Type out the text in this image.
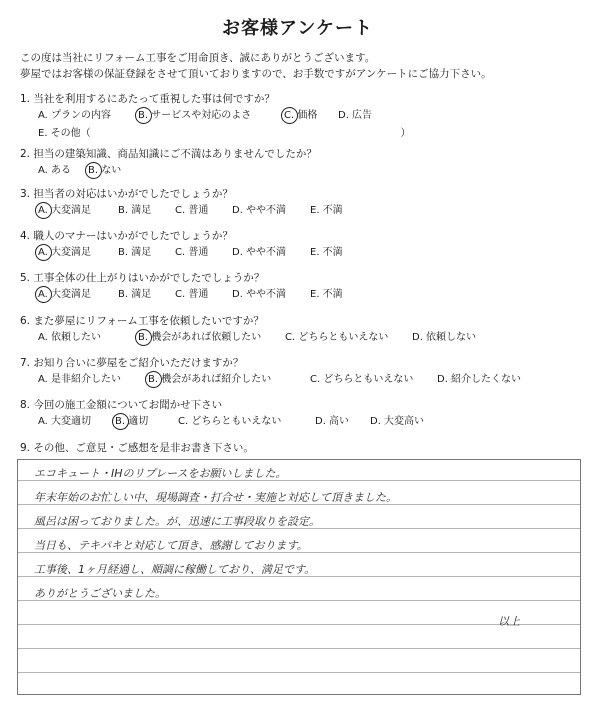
お客様アンケート
この度は当社にリフォーム工事をご用命頂き、誠にありがとうございます。
夢屋ではお客様の保証登録をさせて頂いておりますので、お手数ですがアンケートにご協力下さい。
1. 当社を利用するにあたって重視した事は何ですか？
A. プランの内容	B. サービスや対応のよさ	C. 価格 D. 広告
E. その他（　　　　　　　　　　　　　　　　　　　　　　　　　　　　　　　）
2. 担当の建築知識、商品知識にご不満はありませんでしたか？
A. ある B. ない
3. 担当者の対応はいかがでしたでしょうか？
A. 大変満足	B. 満足 C. 普通 D. やや不満 E. 不満
4. 職人のマナーはいかがでしたでしょうか？
A. 大変満足	B. 満足 C. 普通 D. やや不満 E. 不満
5. 工事全体の仕上がりはいかがでしたでしょうか？
A. 大変満足	B. 満足 C. 普通 D. やや不満 E. 不満
6. また夢屋にリフォーム工事を依頼したいですか？
A. 依頼したい	B. 機会があれば依頼したい C. どちらともいえない D. 依頼しない
7. お知り合いに夢屋をご紹介いただけますか？
A. 是非紹介したい	B. 機会があれば紹介したい	C. どちらともいえない D. 紹介したくない
8. 今回の施工金額についてお聞かせ下さい
A. 大変適切 B. 適切	C. どちらともいえない	D. 高い D. 大変高い
9. その他、ご意見・ご感想を是非お書き下さい。
エコキュート・IHのリプレースをお願いしました。
年末年始のお忙しい中、現場調査・打合せ・実施と対応して頂きました。
風呂は困っておりました。が、迅速に工事段取りを設定。
当日も、テキパキと対応して頂き、感謝しております。
工事後、1ヶ月経過し、順調に稼働しており、満足です。
ありがとうございました。
以上
